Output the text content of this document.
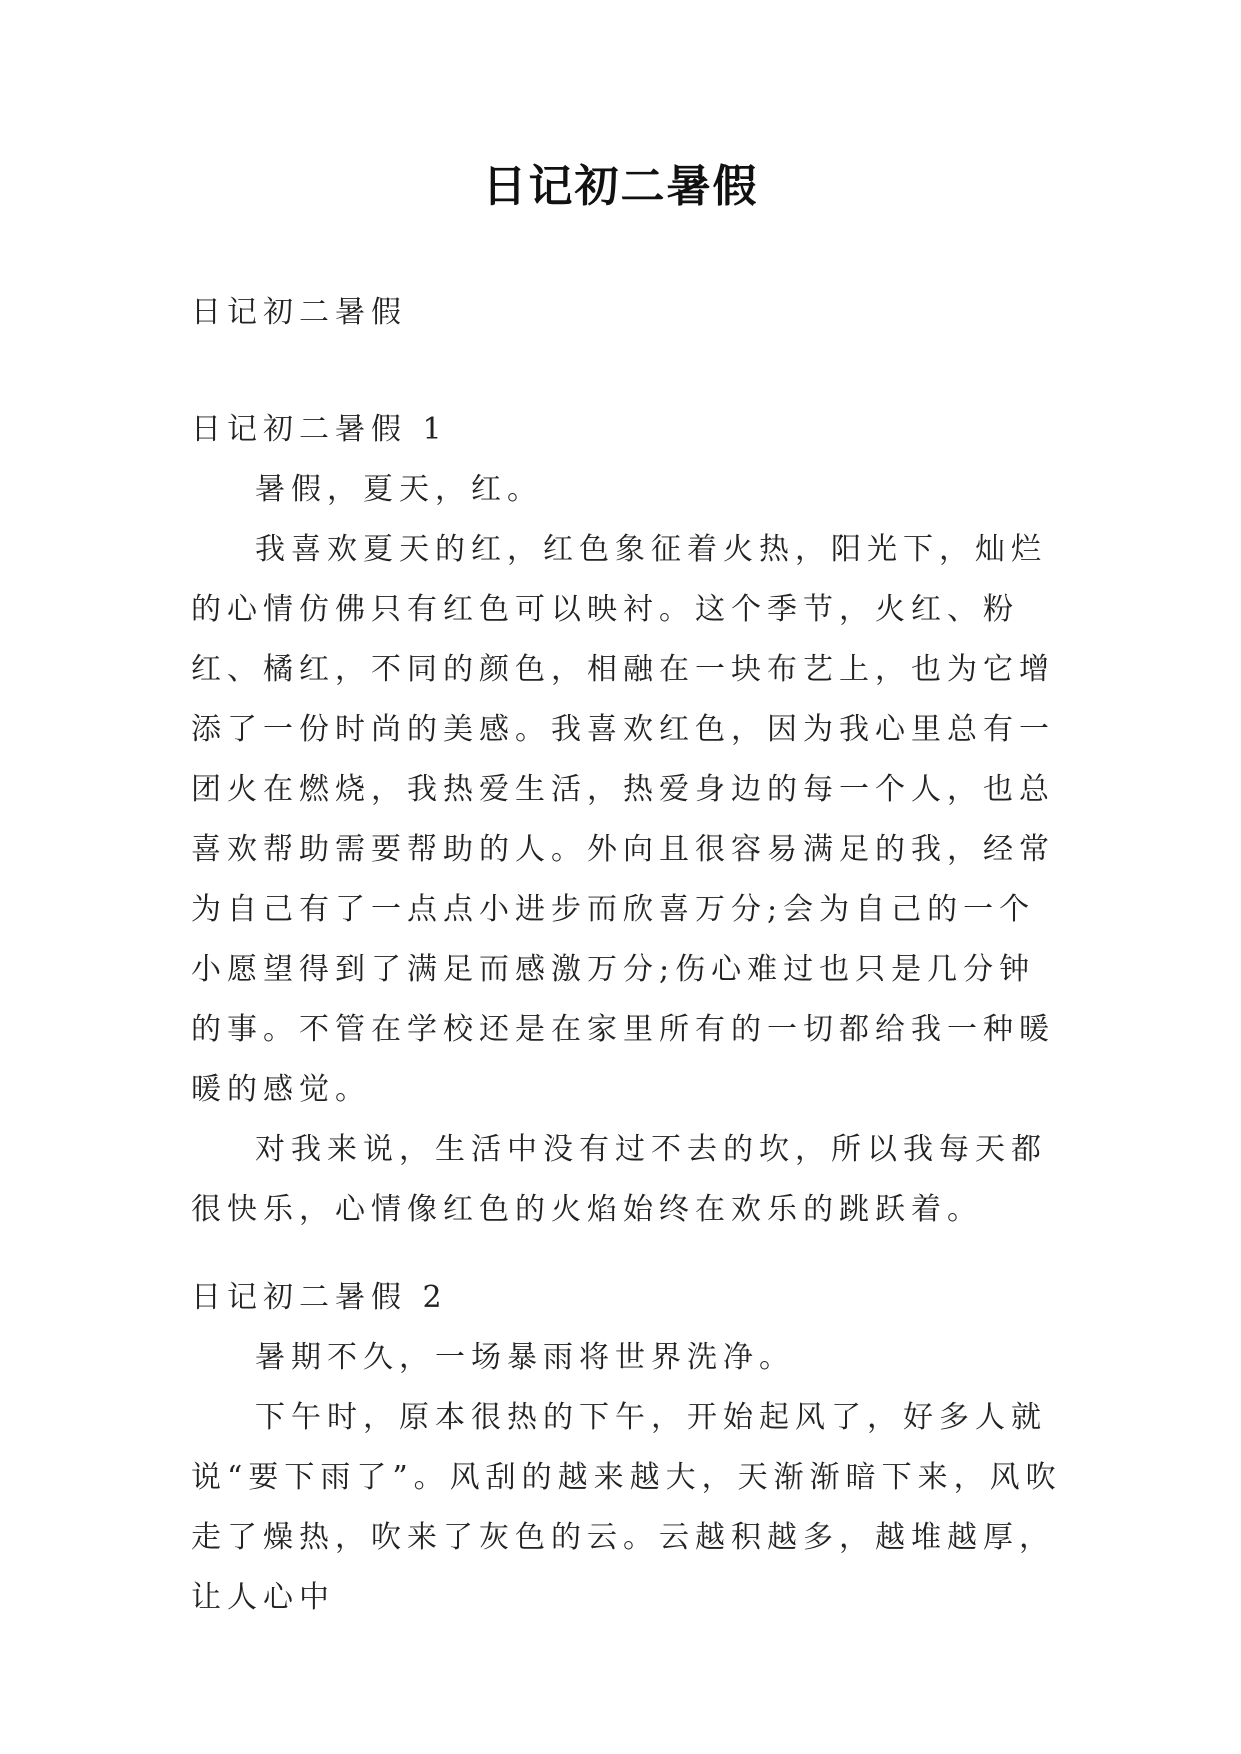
日记初二暑假

日记初二暑假

日记初二暑假 1

暑假，夏天，红。

我喜欢夏天的红，红色象征着火热，阳光下，灿烂的心情仿佛只有红色可以映衬。这个季节，火红、粉红、橘红，不同的颜色，相融在一块布艺上，也为它增添了一份时尚的美感。我喜欢红色，因为我心里总有一团火在燃烧，我热爱生活，热爱身边的每一个人，也总喜欢帮助需要帮助的人。外向且很容易满足的我，经常为自己有了一点点小进步而欣喜万分;会为自己的一个小愿望得到了满足而感激万分;伤心难过也只是几分钟的事。不管在学校还是在家里所有的一切都给我一种暖暖的感觉。

对我来说，生活中没有过不去的坎，所以我每天都很快乐，心情像红色的火焰始终在欢乐的跳跃着。

日记初二暑假 2

暑期不久，一场暴雨将世界洗净。

下午时，原本很热的下午，开始起风了，好多人就说“要下雨了”。风刮的越来越大，天渐渐暗下来，风吹走了燥热，吹来了灰色的云。云越积越多，越堆越厚，让人心中
